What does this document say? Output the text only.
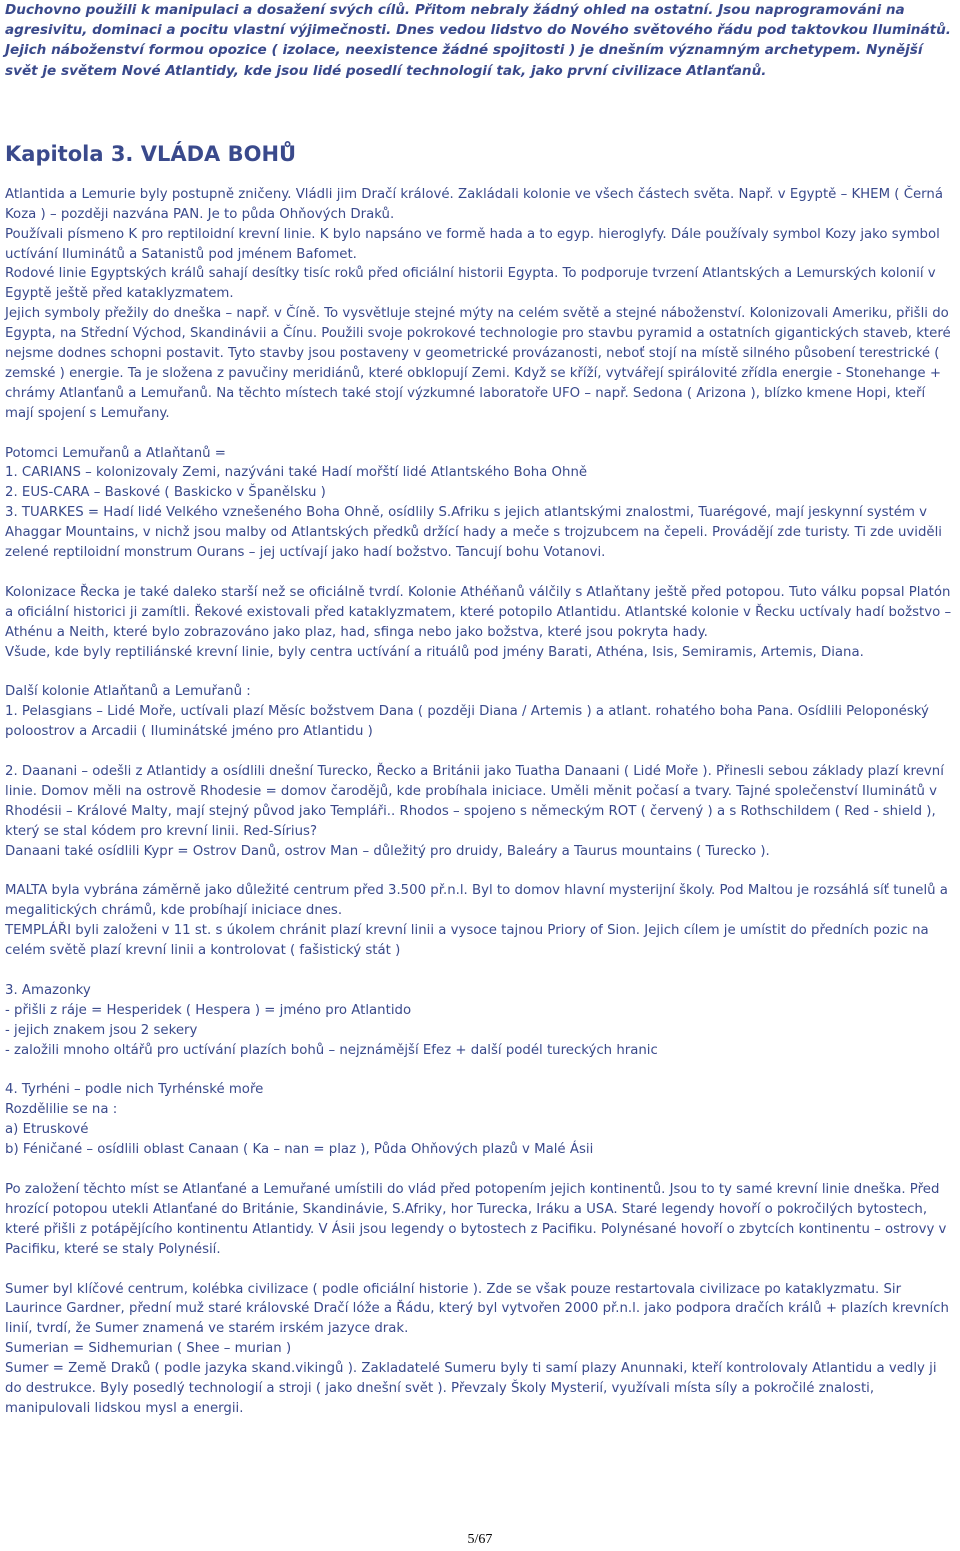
Duchovno použili k manipulaci a dosažení svých cílů. Přitom nebraly žádný ohled na ostatní. Jsou naprogramováni na agresivitu, dominaci a pocitu vlastní výjimečnosti. Dnes vedou lidstvo do Nového světového řádu pod taktovkou Iluminátů. Jejich náboženství formou opozice ( izolace, neexistence žádné spojitosti ) je dnešním významným archetypem. Nynější svět je světem Nové Atlantidy, kde jsou lidé posedlí technologií tak, jako první civilizace Atlanťanů.

Kapitola 3. VLÁDA BOHŮ

Atlantida a Lemurie byly postupně zničeny. Vládli jim Dračí králové. Zakládali kolonie ve všech částech světa. Např. v Egyptě – KHEM ( Černá Koza ) – později nazvána PAN. Je to půda Ohňových Draků.

Používali písmeno K pro reptiloidní krevní linie. K bylo napsáno ve formě hada a to egyp. hieroglyfy. Dále používaly symbol Kozy jako symbol uctívání Iluminátů a Satanistů pod jménem Bafomet.

Rodové linie Egyptských králů sahají desítky tisíc roků před oficiální historii Egypta. To podporuje tvrzení Atlantských a Lemurských kolonií v Egyptě ještě před kataklyzmatem.

Jejich symboly přežily do dneška – např. v Číně. To vysvětluje stejné mýty na celém světě a stejné náboženství. Kolonizovali Ameriku, přišli do Egypta, na Střední Východ, Skandinávii a Čínu. Použili svoje pokrokové technologie pro stavbu pyramid a ostatních gigantických staveb, které nejsme dodnes schopni postavit. Tyto stavby jsou postaveny v geometrické provázanosti, neboť stojí na místě silného působení terestrické ( zemské ) energie. Ta je složena z pavučiny meridiánů, které obklopují Zemi. Když se kříží, vytvářejí spirálovité zřídla energie - Stonehange + chrámy Atlanťanů a Lemuřanů. Na těchto místech také stojí výzkumné laboratoře UFO – např. Sedona ( Arizona ), blízko kmene Hopi, kteří mají spojení s Lemuřany.

Potomci Lemuřanů a Atlaňtanů =

1. CARIANS – kolonizovaly Zemi, nazýváni také Hadí mořští lidé Atlantského Boha Ohně

2. EUS-CARA – Baskové ( Baskicko v Španělsku )

3. TUARKES = Hadí lidé Velkého vznešeného Boha Ohně, osídlily S.Afriku s jejich atlantskými znalostmi, Tuarégové, mají jeskynní systém v Ahaggar Mountains, v nichž jsou malby od Atlantských předků držící hady a meče s trojzubcem na čepeli. Provádějí zde turisty. Ti zde uviděli zelené reptiloidní monstrum Ourans – jej uctívají jako hadí božstvo. Tancují bohu Votanovi.

Kolonizace Řecka je také daleko starší než se oficiálně tvrdí. Kolonie Athéňanů válčily s Atlaňtany ještě před potopou. Tuto válku popsal Platón a oficiální historici ji zamítli. Řekové existovali před kataklyzmatem, které potopilo Atlantidu. Atlantské kolonie v Řecku uctívaly hadí božstvo – Athénu a Neith, které bylo zobrazováno jako plaz, had, sfinga nebo jako božstva, které jsou pokryta hady.

Všude, kde byly reptiliánské krevní linie, byly centra uctívání a rituálů pod jmény Barati, Athéna, Isis, Semiramis, Artemis, Diana.

Další kolonie Atlaňtanů a Lemuřanů :

1. Pelasgians – Lidé Moře, uctívali plazí Měsíc božstvem Dana ( později Diana / Artemis ) a atlant. rohatého boha Pana. Osídlili Peloponéský poloostrov a Arcadii ( Iluminátské jméno pro Atlantidu )

2. Daanani – odešli z Atlantidy a osídlili dnešní Turecko, Řecko a Británii jako Tuatha Danaani ( Lidé Moře ). Přinesli sebou základy plazí krevní linie. Domov měli na ostrově Rhodesie = domov čarodějů, kde probíhala iniciace. Uměli měnit počasí a tvary. Tajné společenství Iluminátů v Rhodésii – Králové Malty, mají stejný původ jako Templáři.. Rhodos – spojeno s německým ROT ( červený ) a s Rothschildem ( Red - shield ), který se stal kódem pro krevní linii. Red-Sírius?

Danaani také osídlili Kypr = Ostrov Danů, ostrov Man – důležitý pro druidy, Baleáry a Taurus mountains ( Turecko ).

MALTA byla vybrána záměrně jako důležité centrum před 3.500 př.n.l. Byl to domov hlavní mysterijní školy. Pod Maltou je rozsáhlá síť tunelů a megalitických chrámů, kde probíhají iniciace dnes.

TEMPLÁŘI byli založeni v 11 st. s úkolem chránit plazí krevní linii a vysoce tajnou Priory of Sion. Jejich cílem je umístit do předních pozic na celém světě plazí krevní linii a kontrolovat ( fašistický stát )

3. Amazonky

- přišli z ráje = Hesperidek ( Hespera ) = jméno pro Atlantido

- jejich znakem jsou 2 sekery

- založili mnoho oltářů pro uctívání plazích bohů – nejznámější Efez + další podél tureckých hranic

4. Tyrhéni – podle nich Tyrhénské moře

Rozdělilie se na :

a) Etruskové

b) Féničané – osídlili oblast Canaan ( Ka – nan = plaz ), Půda Ohňových plazů v Malé Ásii

Po založení těchto míst se Atlanťané a Lemuřané umístili do vlád před potopením jejich kontinentů. Jsou to ty samé krevní linie dneška. Před hrozící potopou utekli Atlanťané do Británie, Skandinávie, S.Afriky, hor Turecka, Iráku a USA. Staré legendy hovoří o pokročilých bytostech, které přišli z potápějícího kontinentu Atlantidy. V Ásii jsou legendy o bytostech z Pacifiku. Polynésané hovoří o zbytcích kontinentu – ostrovy v Pacifiku, které se staly Polynésií.

Sumer byl klíčové centrum, kolébka civilizace ( podle oficiální historie ). Zde se však pouze restartovala civilizace po kataklyzmatu. Sir Laurince Gardner, přední muž staré královské Dračí lóže a Řádu, který byl vytvořen 2000 př.n.l. jako podpora dračích králů + plazích krevních linií, tvrdí, že Sumer znamená ve starém irském jazyce drak.

Sumerian = Sidhemurian ( Shee – murian )

Sumer = Země Draků ( podle jazyka skand.vikingů ). Zakladatelé Sumeru byly ti samí plazy Anunnaki, kteří kontrolovaly Atlantidu a vedly ji do destrukce. Byly posedlý technologií a stroji ( jako dnešní svět ). Převzaly Školy Mysterií, využívali místa síly a pokročilé znalosti, manipulovali lidskou mysl a energii.

5/67
